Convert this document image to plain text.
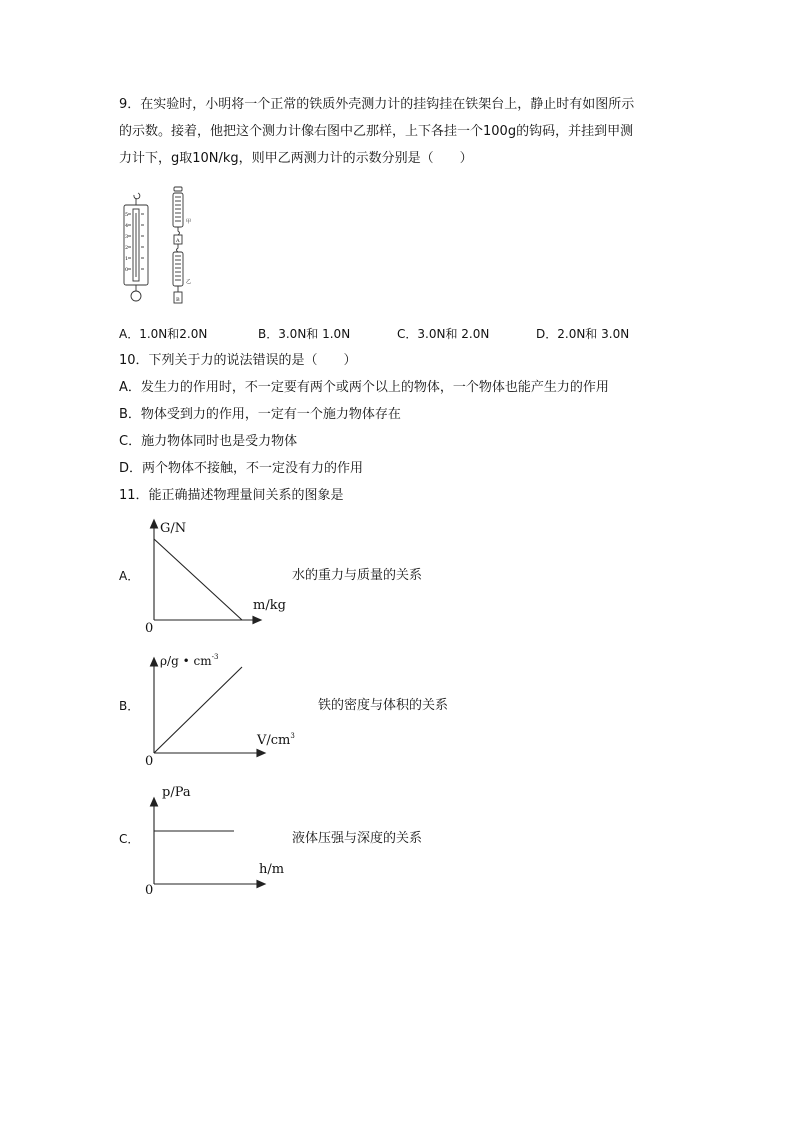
9．在实验时，小明将一个正常的铁质外壳测力计的挂钩挂在铁架台上，静止时有如图所示
的示数。接着，他把这个测力计像右图中乙那样，上下各挂一个100g的钩码，并挂到甲测
力计下，g取10N/kg，则甲乙两测力计的示数分别是（　　）
5
4
3
2
1
0
甲
A
乙
B
A．1.0N和2.0N	B．3.0N和 1.0N	C．3.0N和 2.0N	D．2.0N和 3.0N
10．下列关于力的说法错误的是（　　）
A．发生力的作用时，不一定要有两个或两个以上的物体，一个物体也能产生力的作用
B．物体受到力的作用，一定有一个施力物体存在
C．施力物体同时也是受力物体
D．两个物体不接触，不一定没有力的作用
11．能正确描述物理量间关系的图象是
A．
G/N
m/kg
0
水的重力与质量的关系
B．
ρ/g • $cm^{-3}$
$V/cm^3$
0
铁的密度与体积的关系
C．
p/Pa
h/m
0
液体压强与深度的关系
